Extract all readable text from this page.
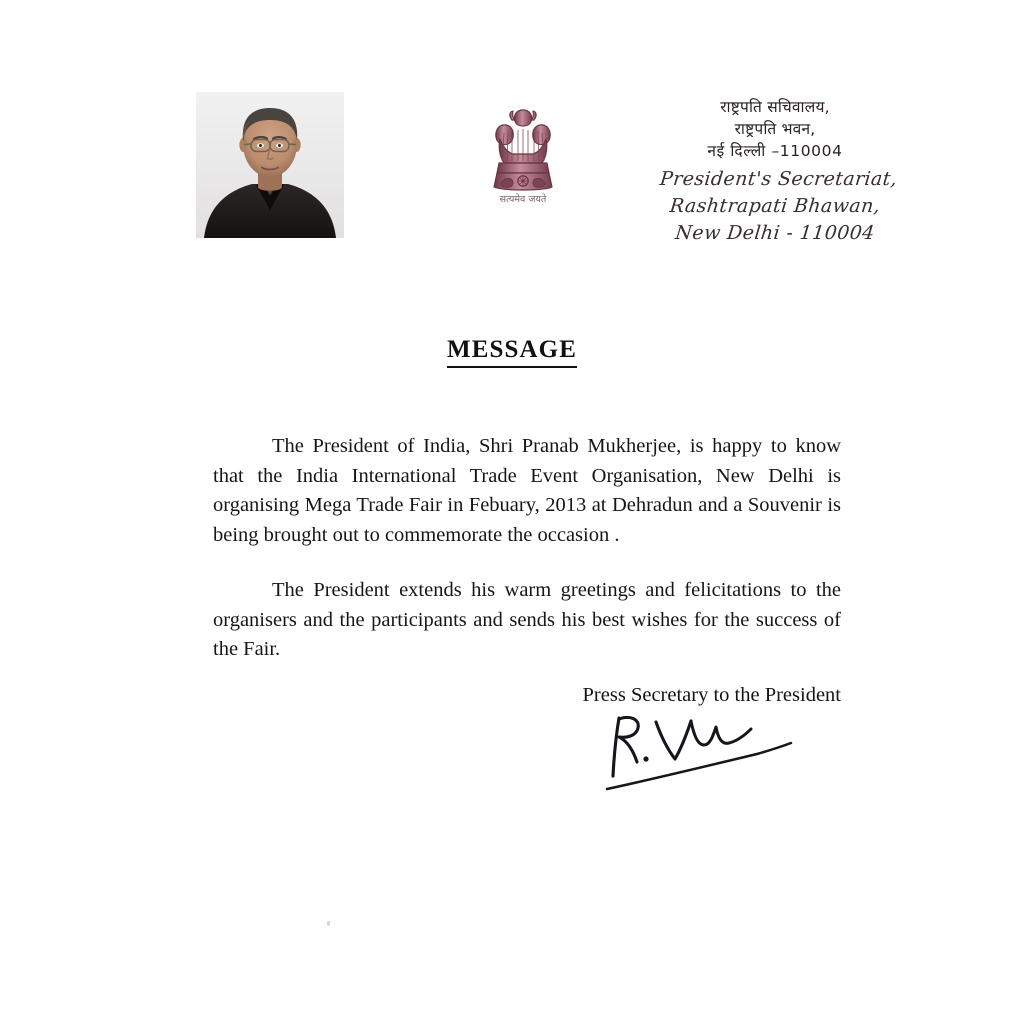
सत्यमेव जयते
राष्ट्रपति सचिवालय,
राष्ट्रपति भवन,
नई दिल्ली –110004
President's Secretariat,
Rashtrapati Bhawan,
New Delhi - 110004
MESSAGE

The President of India, Shri Pranab Mukherjee, is happy to know that the India International Trade Event Organisation, New Delhi is organising Mega Trade Fair in Febuary, 2013 at Dehradun and a Souvenir is being brought out to commemorate the occasion .

The President extends his warm greetings and felicitations to the organisers and the participants and sends his best wishes for the success of the Fair.

Press Secretary to the President
